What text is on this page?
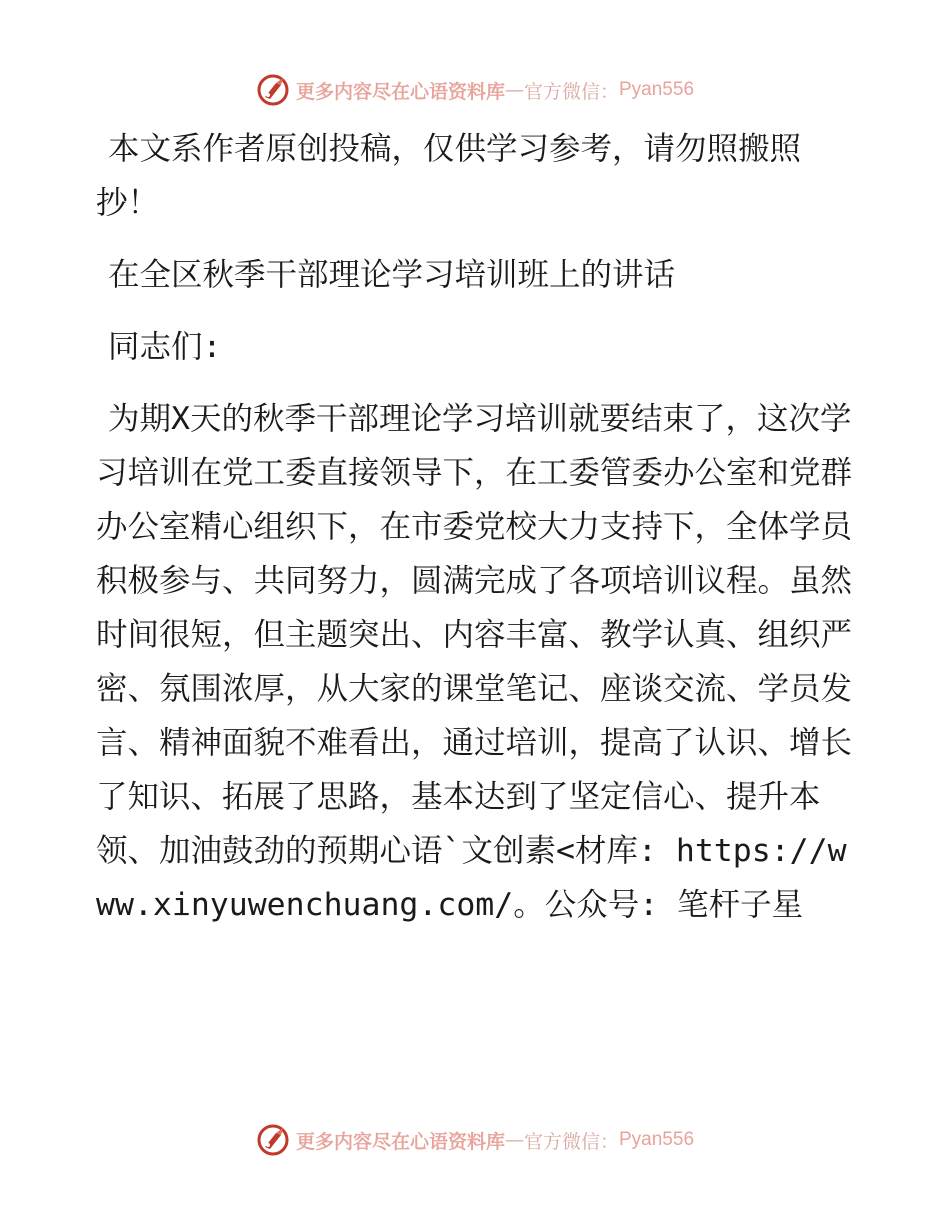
更多内容尽在心语资料库 — 官方微信： Pyan556

本文系作者原创投稿，仅供学习参考，请勿照搬照抄！

在全区秋季干部理论学习培训班上的讲话

同志们:

为期X天的秋季干部理论学习培训就要结束了，这次学习培训在党工委直接领导下，在工委管委办公室和党群办公室精心组织下，在市委党校大力支持下，全体学员积极参与、共同努力，圆满完成了各项培训议程。虽然时间很短，但主题突出、内容丰富、教学认真、组织严密、氛围浓厚，从大家的课堂笔记、座谈交流、学员发言、精神面貌不难看出，通过培训，提高了认识、增长了知识、拓展了思路，基本达到了坚定信心、提升本领、加油鼓劲的预期心语`文创素<材库: https://www.xinyuwenchuang.com/。公众号: 笔杆子星

更多内容尽在心语资料库 — 官方微信： Pyan556
